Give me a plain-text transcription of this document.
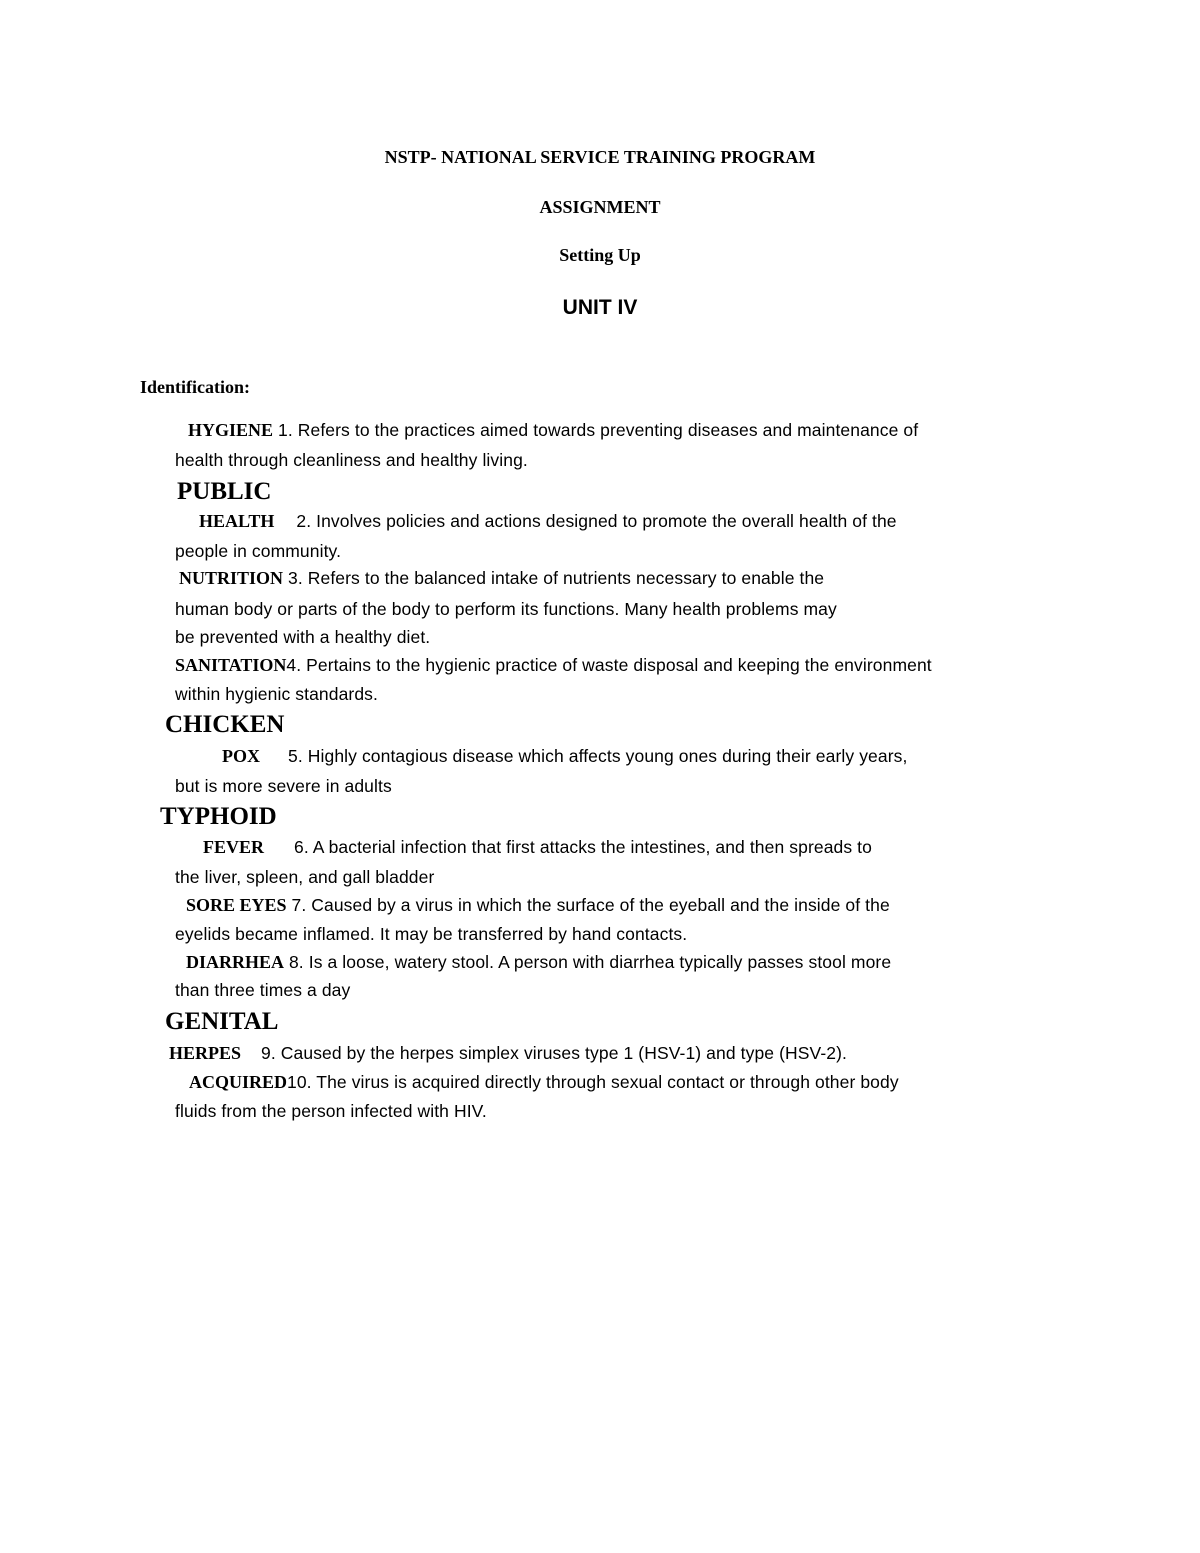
NSTP- NATIONAL SERVICE TRAINING PROGRAM
ASSIGNMENT
Setting Up
UNIT IV
Identification:
HYGIENE 1. Refers to the practices aimed towards preventing diseases and maintenance of
health through cleanliness and healthy living.
PUBLIC
HEALTH 2. Involves policies and actions designed to promote the overall health of the
people in community.
NUTRITION 3. Refers to the balanced intake of nutrients necessary to enable the
human body or parts of the body to perform its functions. Many health problems may
be prevented with a healthy diet.
SANITATION4. Pertains to the hygienic practice of waste disposal and keeping the environment
within hygienic standards.
CHICKEN
POX 5. Highly contagious disease which affects young ones during their early years,
but is more severe in adults
TYPHOID
FEVER 6. A bacterial infection that first attacks the intestines, and then spreads to
the liver, spleen, and gall bladder
SORE EYES 7. Caused by a virus in which the surface of the eyeball and the inside of the
eyelids became inflamed. It may be transferred by hand contacts.
DIARRHEA 8. Is a loose, watery stool. A person with diarrhea typically passes stool more
than three times a day
GENITAL
HERPES 9. Caused by the herpes simplex viruses type 1 (HSV-1) and type (HSV-2).
ACQUIRED10. The virus is acquired directly through sexual contact or through other body
fluids from the person infected with HIV.
